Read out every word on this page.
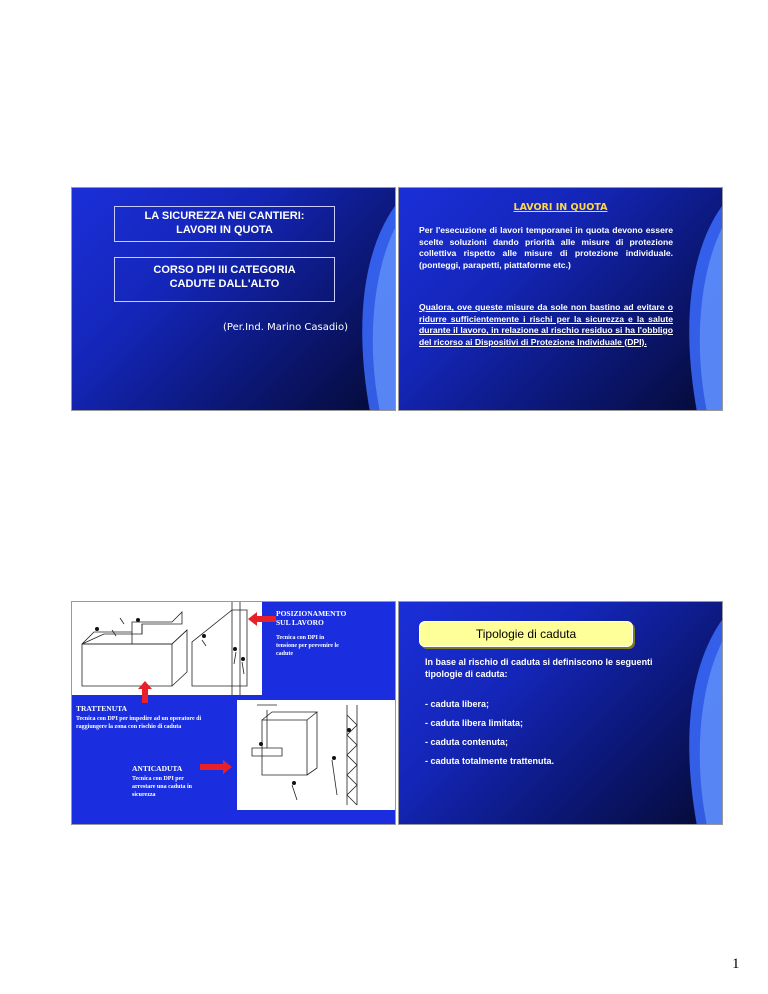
LA SICUREZZA NEI CANTIERI:
LAVORI IN QUOTA
CORSO DPI III CATEGORIA
CADUTE DALL'ALTO
(Per.Ind. Marino Casadio)
LAVORI IN QUOTA
Per l'esecuzione di lavori temporanei in quota devono essere scelte soluzioni dando priorità alle misure di protezione collettiva rispetto alle misure di protezione individuale. (ponteggi, parapetti, piattaforme etc.)
Qualora, ove queste misure da sole non bastino ad evitare o ridurre sufficientemente i rischi per la sicurezza e la salute durante il lavoro, in relazione al rischio residuo si ha l'obbligo del ricorso ai Dispositivi di Protezione Individuale (DPI).
POSIZIONAMENTO
SUL LAVORO
Tecnica con DPI in tensione per prevenire le cadute
TRATTENUTA
Tecnica con DPI per impedire ad un operatore di raggiungere la zona con rischio di caduta
ANTICADUTA
Tecnica con DPI per arrestare una caduta in sicurezza
Tipologie di caduta
In base al rischio di caduta si definiscono le seguenti tipologie di caduta:
- caduta libera;
- caduta libera limitata;
- caduta contenuta;
- caduta totalmente trattenuta.
1
